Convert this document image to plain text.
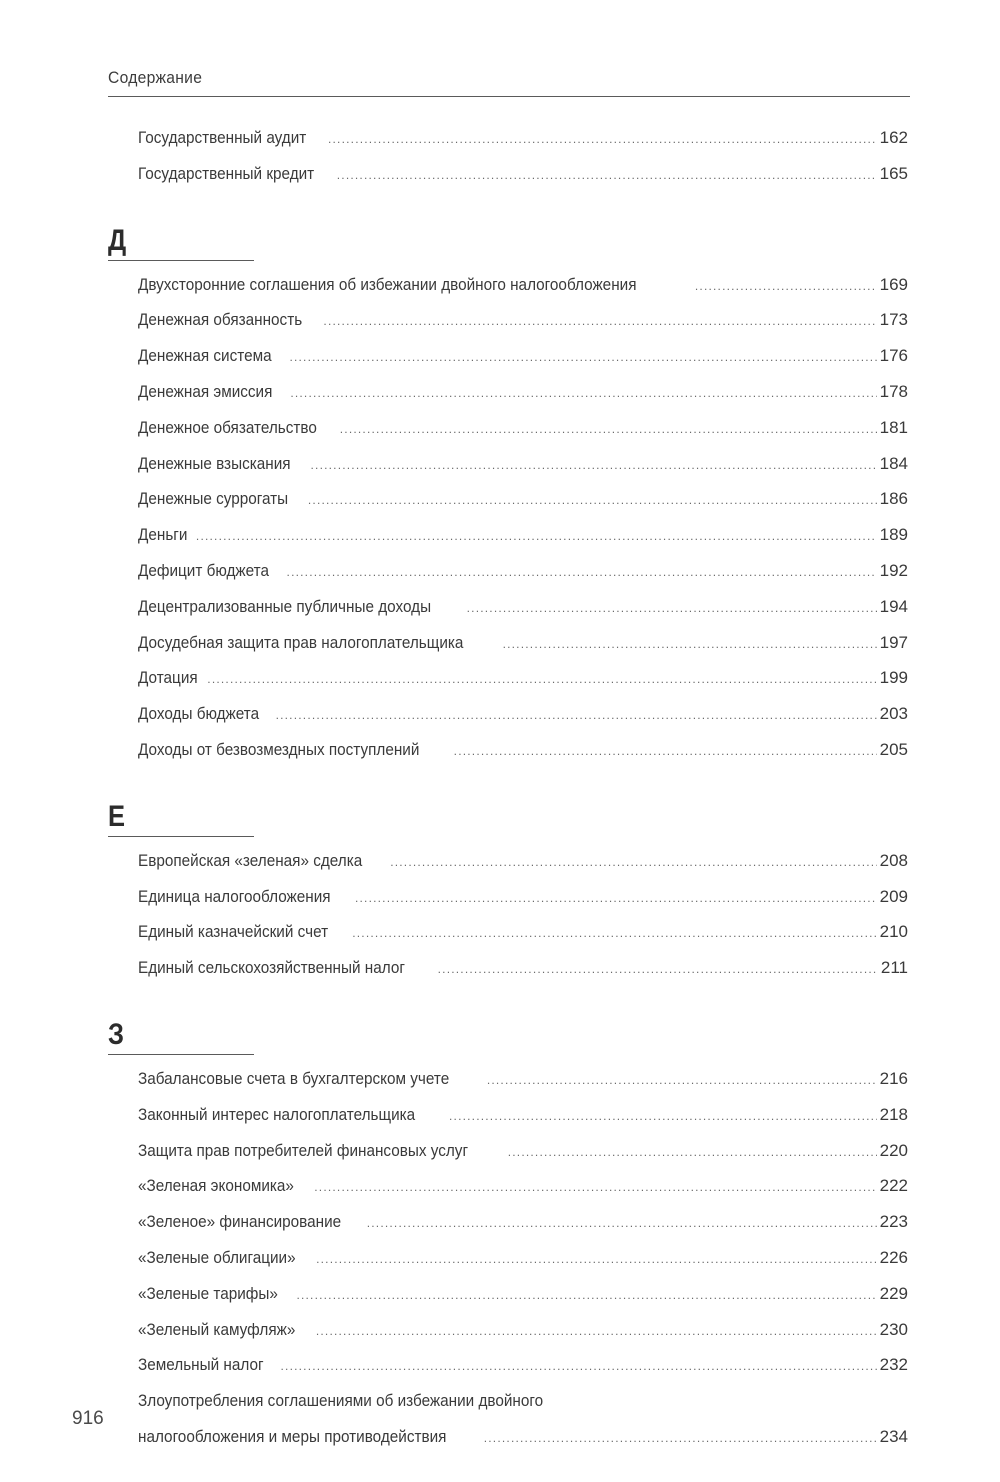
Содержание
Государственный аудит .....	162
Государственный кредит .....	165
Д
Двухсторонние соглашения об избежании двойного налогообложения .....	169
Денежная обязанность .....	173
Денежная система .....	176
Денежная эмиссия .....	178
Денежное обязательство .....	181
Денежные взыскания .....	184
Денежные суррогаты .....	186
Деньги .....	189
Дефицит бюджета .....	192
Децентрализованные публичные доходы .....	194
Досудебная защита прав налогоплательщика .....	197
Дотация .....	199
Доходы бюджета .....	203
Доходы от безвозмездных поступлений .....	205
Е
Европейская «зеленая» сделка .....	208
Единица налогообложения .....	209
Единый казначейский счет .....	210
Единый сельскохозяйственный налог .....	211
З
Забалансовые счета в бухгалтерском учете .....	216
Законный интерес налогоплательщика .....	218
Защита прав потребителей финансовых услуг .....	220
«Зеленая экономика» .....	222
«Зеленое» финансирование .....	223
«Зеленые облигации» .....	226
«Зеленые тарифы» .....	229
«Зеленый камуфляж» .....	230
Земельный налог .....	232
Злоупотребления соглашениями об избежании двойного
налогообложения и меры противодействия .....	234
916
